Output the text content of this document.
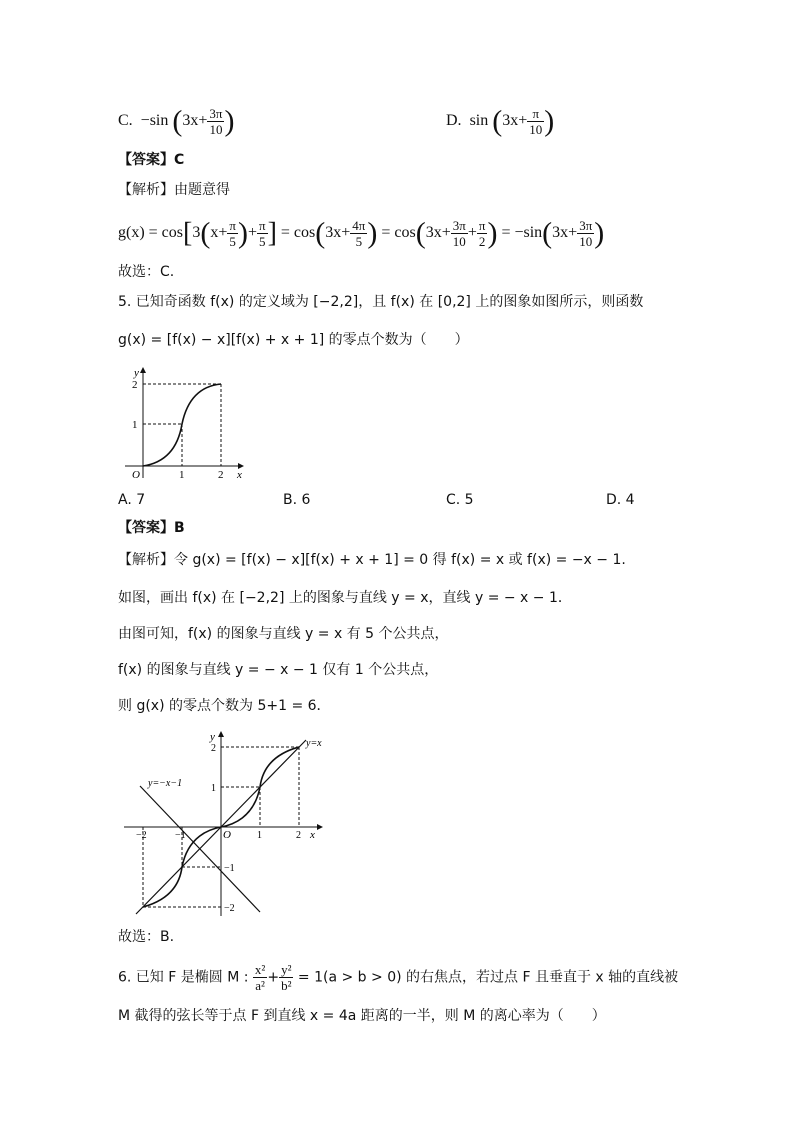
C. −sin ($3x+ \frac{3\pi}{10}$ )	D. $\sin (3x+ \frac{\pi}{10}$ )
【答案】C
【解析】由题意得
$g(x) = \cos[3(x+ \frac{\pi}{5}$ )+ $\frac{\pi}{5}$ ] = $\cos(3x+ \frac{4\pi}{5}$ ) = $\cos(3x+ \frac{3\pi}{10} + \frac{\pi}{2}$ ) = $-\sin(3x+ \frac{3\pi}{10}$ )
故选：C.
5. 已知奇函数 f(x) 的定义域为 [−2,2]，且 f(x) 在 [0,2] 上的图象如图所示，则函数
g(x) = [f(x) − x][f(x) + x + 1] 的零点个数为（　　）
y
x
O	1	2
1
2
A. 7	B. 6	C. 5	D. 4
【答案】B
【解析】令 g(x) = [f(x) − x][f(x) + x + 1] = 0 得 f(x) = x 或 f(x) = −x − 1.
如图，画出 f(x) 在 [−2,2] 上的图象与直线 y = x，直线 y = − x − 1．
由图可知，f(x) 的图象与直线 y = x 有 5 个公共点，
f(x) 的图象与直线 y = − x − 1 仅有 1 个公共点，
则 g(x) 的零点个数为 5+1 = 6．
y
x
O
y=x
y=−x−1
−2	−1	1	2
2
1
−1
−2
故选：B.
6. 已知 F 是椭圆 M : $\frac{\text{x²}}{\text{a²}} + \frac{\text{y²}}{\text{b²}} = 1(a > b > 0)$ 的右焦点，若过点 F 且垂直于 x 轴的直线被
M 截得的弦长等于点 F 到直线 x = 4a 距离的一半，则 M 的离心率为（　　）
